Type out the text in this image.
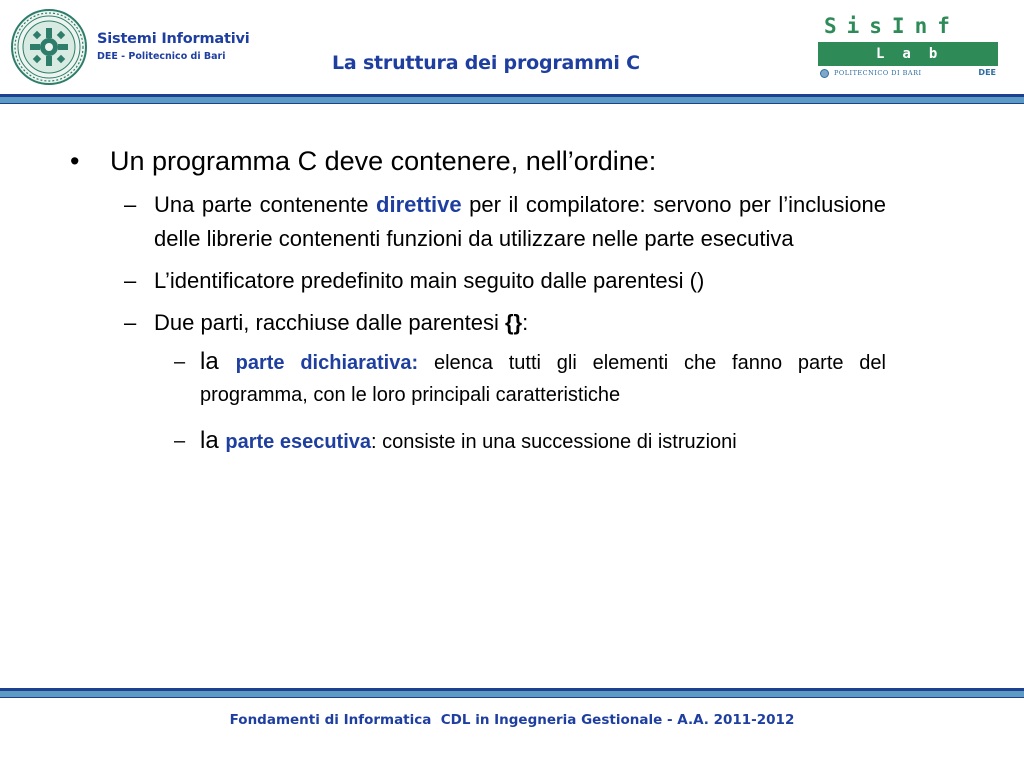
Sistemi Informativi
DEE - Politecnico di Bari	La struttura dei programmi C
SisInf
Lab
POLITECNICO DI BARI	DEE
• Un programma C deve contenere, nell’ordine:
– Una parte contenente direttive per il compilatore: servono per l’inclusione delle librerie contenenti funzioni da utilizzare nelle parte esecutiva
– L’identificatore predefinito main seguito dalle parentesi ()
– Due parti, racchiuse dalle parentesi {}:
– la parte dichiarativa: elenca tutti gli elementi che fanno parte del programma, con le loro principali caratteristiche
– la parte esecutiva: consiste in una successione di istruzioni
Fondamenti di Informatica  CDL in Ingegneria Gestionale - A.A. 2011-2012
